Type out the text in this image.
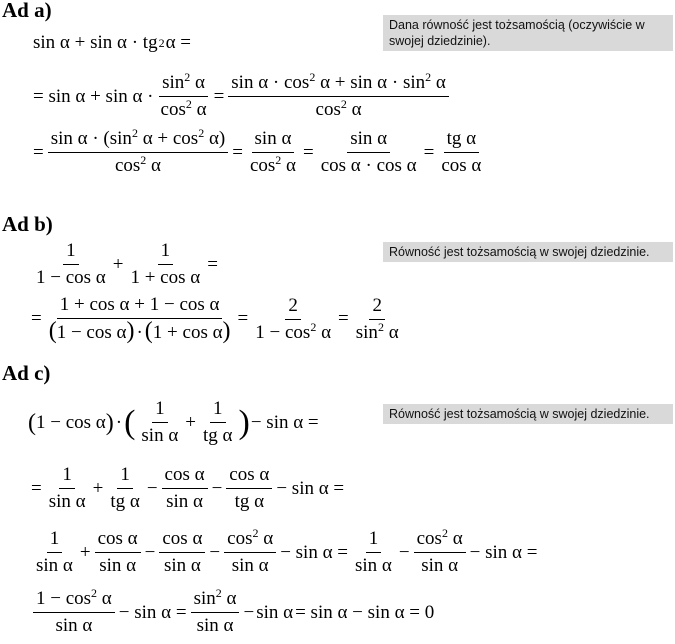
Ad a)
Ad b)
Ad c)
Dana równość jest tożsamością (oczywiście w swojej dziedzinie).
Równość jest tożsamością w swojej dziedzinie.
Równość jest tożsamością w swojej dziedzinie.
sin α + sin α · tg 2 α =
= $\sin \alpha + \sin \alpha \cdot \frac{\sin^2 \alpha}{\cos^2 \alpha} = \frac{\sin \alpha \cdot \cos^2 \alpha + \sin \alpha \cdot \sin^2 \alpha}{\cos^2 \alpha}$
= $\frac{\sin \alpha \cdot (\sin^2 \alpha + \cos^2 \alpha)}{\cos^2 \alpha} = \frac{\text{sin α}}{\cos^2 \alpha} = \frac{\text{sin α}}{\text{cos α · cos α}} = \frac{\text{tg α}}{\text{cos α}}$
$\frac{1}{\text{1 − cos α}} + \frac{1}{\text{1 + cos α}}$ =
= $\frac{\text{1 + cos α + 1 − cos α}}{\text{(1 − cos α) ·(1 + cos α)}} = \frac{2}{1 - \cos^2 \alpha} = \frac{2}{\sin^2 \alpha}$
( 1 − cos α ) · ( $\frac{1}{\text{sin α}} + \frac{1}{\text{tg α}}$ ) − sin α =
= $\frac{1}{\text{sin α}} + \frac{1}{\text{tg α}} - \frac{\text{cos α}}{\text{sin α}} - \frac{\text{cos α}}{\text{tg α}} - \sin \alpha$ =
$\frac{1}{\text{sin α}} + \frac{\text{cos α}}{\text{sin α}} - \frac{\text{cos α}}{\text{sin α}} - \frac{\cos^2 \alpha}{\text{sin α}} - \sin \alpha = \frac{1}{\text{sin α}} - \frac{\cos^2 \alpha}{\text{sin α}} - \sin \alpha$ =
$\frac{1 - \cos^2 \alpha}{\text{sin α}} - \sin \alpha = \frac{\sin^2 \alpha}{\text{sin α}} - \sin \alpha = \sin \alpha - \sin \alpha = 0$
